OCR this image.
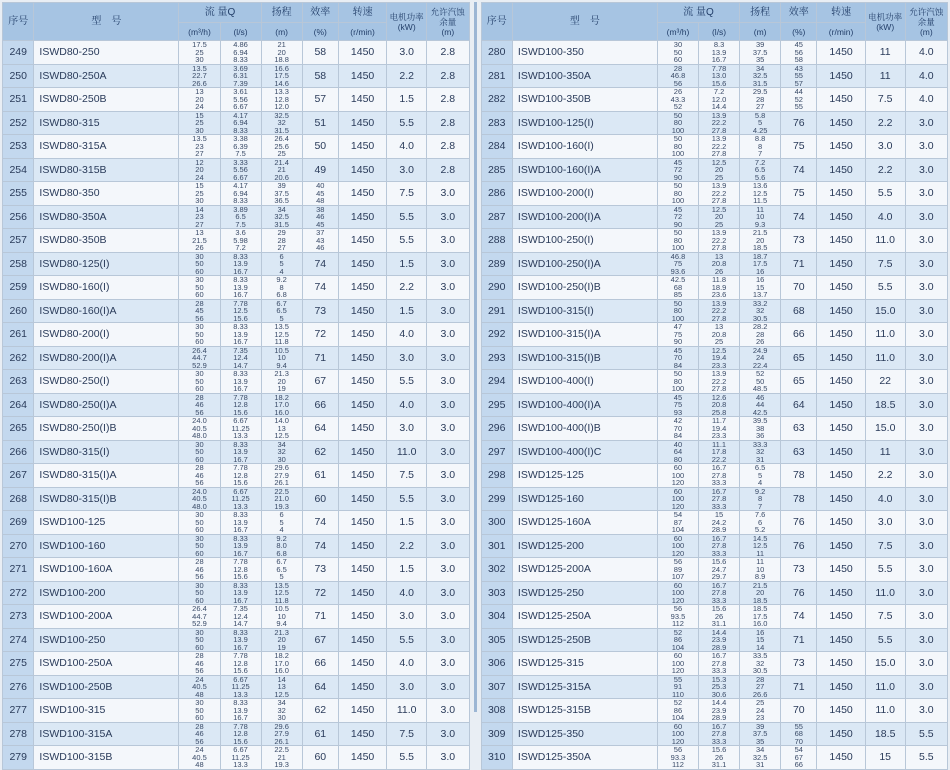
序号	型　号	流 量Q		扬程	效率	转速	电机功率
(kW)	允许汽蚀余量
(m)
		(m³/h)	(l/s)	(m)	(%)	(r/min)		
249	ISWD80-250	17.5
25
30	4.86
6.94
8.33	21
20
18.8	58	1450	3.0	2.8
250	ISWD80-250A	13.5
22.7
26.6	3.69
6.31
7.39	16.6
17.5
14.6	58	1450	2.2	2.8
251	ISWD80-250B	13
20
24	3.61
5.56
6.67	13.3
12.8
12.0	57	1450	1.5	2.8
252	ISWD80-315	15
25
30	4.17
6.94
8.33	32.5
32
31.5	51	1450	5.5	2.8
253	ISWD80-315A	13.5
23
27	3.38
6.39
7.5	26.4
25.6
25	50	1450	4.0	2.8
254	ISWD80-315B	12
20
24	3.33
5.56
6.67	21.4
21
20.6	49	1450	3.0	2.8
255	ISWD80-350	15
25
30	4.17
6.94
8.33	39
37.5
36.5	40
45
48	1450	7.5	3.0
256	ISWD80-350A	14
23
27	3.89
6.5
7.5	34
32.5
31.5	38
46
45	1450	5.5	3.0
257	ISWD80-350B	13
21.5
26	3.6
5.98
7.2	29
28
27	37
43
46	1450	5.5	3.0
258	ISWD80-125(I)	30
50
60	8.33
13.9
16.7	6
5
4	74	1450	1.5	3.0
259	ISWD80-160(I)	30
50
60	8.33
13.9
16.7	9.2
8
6.8	74	1450	2.2	3.0
260	ISWD80-160(I)A	28
45
56	7.78
12.5
15.6	6.7
6.5
5	73	1450	1.5	3.0
261	ISWD80-200(I)	30
50
60	8.33
13.9
16.7	13.5
12.5
11.8	72	1450	4.0	3.0
262	ISWD80-200(I)A	26.4
44.7
52.9	7.35
12.4
14.7	10.5
10
9.4	71	1450	3.0	3.0
263	ISWD80-250(I)	30
50
60	8.33
13.9
16.7	21.3
20
19	67	1450	5.5	3.0
264	ISWD80-250(I)A	28
46
56	7.78
12.8
15.6	18.2
17.0
16.0	66	1450	4.0	3.0
265	ISWD80-250(I)B	24.0
40.5
48.0	6.67
11.25
13.3	14.0
13
12.5	64	1450	3.0	3.0
266	ISWD80-315(I)	30
50
60	8.33
13.9
16.7	34
32
30	62	1450	11.0	3.0
267	ISWD80-315(I)A	28
46
56	7.78
12.8
15.6	29.6
27.9
26.1	61	1450	7.5	3.0
268	ISWD80-315(I)B	24.0
40.5
48.0	6.67
11.25
13.3	22.5
21.0
19.3	60	1450	5.5	3.0
269	ISWD100-125	30
50
60	8.33
13.9
16.7	6
5
4	74	1450	1.5	3.0
270	ISWD100-160	30
50
60	8.33
13.9
16.7	9.2
8.0
6.8	74	1450	2.2	3.0
271	ISWD100-160A	28
46
56	7.78
12.8
15.6	6.7
6.5
5	73	1450	1.5	3.0
272	ISWD100-200	30
50
60	8.33
13.9
16.7	13.5
12.5
11.8	72	1450	4.0	3.0
273	ISWD100-200A	26.4
44.7
52.9	7.35
12.4
14.7	10.5
10
9.4	71	1450	3.0	3.0
274	ISWD100-250	30
50
60	8.33
13.9
16.7	21.3
20
19	67	1450	5.5	3.0
275	ISWD100-250A	28
46
56	7.78
12.8
15.6	18.2
17.0
16.0	66	1450	4.0	3.0
276	ISWD100-250B	24
40.5
48	6.67
11.25
13.3	14
13
12.5	64	1450	3.0	3.0
277	ISWD100-315	30
50
60	8.33
13.9
16.7	34
32
30	62	1450	11.0	3.0
278	ISWD100-315A	28
46
56	7.78
12.8
15.6	29.6
27.9
26.1	61	1450	7.5	3.0
279	ISWD100-315B	24
40.5
48	6.67
11.25
13.3	22.5
21
19.3	60	1450	5.5	3.0
序号	型　号	流 量Q		扬程	效率	转速	电机功率
(kW)	允许汽蚀余量
(m)
		(m³/h)	(l/s)	(m)	(%)	(r/min)		
280	ISWD100-350	30
50
60	8.3
13.9
16.7	39
37.5
35	45
56
58	1450	11	4.0
281	ISWD100-350A	28
46.8
56	7.78
13.0
15.6	34
32.5
31.5	43
55
57	1450	11	4.0
282	ISWD100-350B	26
43.3
52	7.2
12.0
14.4	29.5
28
27	44
52
55	1450	7.5	4.0
283	ISWD100-125(I)	50
80
100	13.9
22.2
27.8	5.8
5
4.25	76	1450	2.2	3.0
284	ISWD100-160(I)	50
80
100	13.9
22.2
27.8	8.8
8
7	75	1450	3.0	3.0
285	ISWD100-160(I)A	45
72
90	12.5
20
25	7.2
6.5
5.6	74	1450	2.2	3.0
286	ISWD100-200(I)	50
80
100	13.9
22.2
27.8	13.6
12.5
11.5	75	1450	5.5	3.0
287	ISWD100-200(I)A	45
72
90	12.5
20
25	11
10
9.3	74	1450	4.0	3.0
288	ISWD100-250(I)	50
80
100	13.9
22.2
27.8	21.5
20
18.5	73	1450	11.0	3.0
289	ISWD100-250(I)A	46.8
75
93.6	13
20.8
26	18.7
17.5
16	71	1450	7.5	3.0
290	ISWD100-250(I)B	42.5
68
85	11.8
18.9
23.6	16
15
13.7	70	1450	5.5	3.0
291	ISWD100-315(I)	50
80
100	13.9
22.2
27.8	33.2
32
30.5	68	1450	15.0	3.0
292	ISWD100-315(I)A	47
75
90	13
20.8
25	28.2
28
26	66	1450	11.0	3.0
293	ISWD100-315(I)B	45
70
84	12.5
19.4
23.3	24.9
24
22.4	65	1450	11.0	3.0
294	ISWD100-400(I)	50
80
100	13.9
22.2
27.8	52
50
48.5	65	1450	22	3.0
295	ISWD100-400(I)A	45
75
93	12.6
20.8
25.8	46
44
42.5	64	1450	18.5	3.0
296	ISWD100-400(I)B	42
70
84	11.7
19.4
23.3	39.5
38
36	63	1450	15.0	3.0
297	ISWD100-400(I)C	40
64
80	11.1
17.8
22.2	33.3
32
31	63	1450	11	3.0
298	ISWD125-125	60
100
120	16.7
27.8
33.3	6.5
5
4	78	1450	2.2	3.0
299	ISWD125-160	60
100
120	16.7
27.8
33.3	9.2
8
7	78	1450	4.0	3.0
300	ISWD125-160A	54
87
104	15
24.2
28.9	7.6
6
5.2	76	1450	3.0	3.0
301	ISWD125-200	60
100
120	16.7
27.8
33.3	14.5
12.5
11	76	1450	7.5	3.0
302	ISWD125-200A	56
89
107	15.6
24.7
29.7	11
10
8.9	73	1450	5.5	3.0
303	ISWD125-250	60
100
120	16.7
27.8
33.3	21.5
20
18.5	76	1450	11.0	3.0
304	ISWD125-250A	56
93.5
112	15.6
26
31.1	18.5
17.5
16.0	74	1450	7.5	3.0
305	ISWD125-250B	52
86
104	14.4
23.9
28.9	16
15
14	71	1450	5.5	3.0
306	ISWD125-315	60
100
120	16.7
27.8
33.3	33.5
32
30.5	73	1450	15.0	3.0
307	ISWD125-315A	55
91
110	15.3
25.3
30.6	28
27
26.6	71	1450	11.0	3.0
308	ISWD125-315B	52
86
104	14.4
23.9
28.9	25
24
23	70	1450	11.0	3.0
309	ISWD125-350	60
100
120	16.7
27.8
33.3	39
37.5
35	55
68
70	1450	18.5	5.5
310	ISWD125-350A	56
93.3
112	15.6
26
31.1	34
32.5
31	54
67
66	1450	15	5.5
